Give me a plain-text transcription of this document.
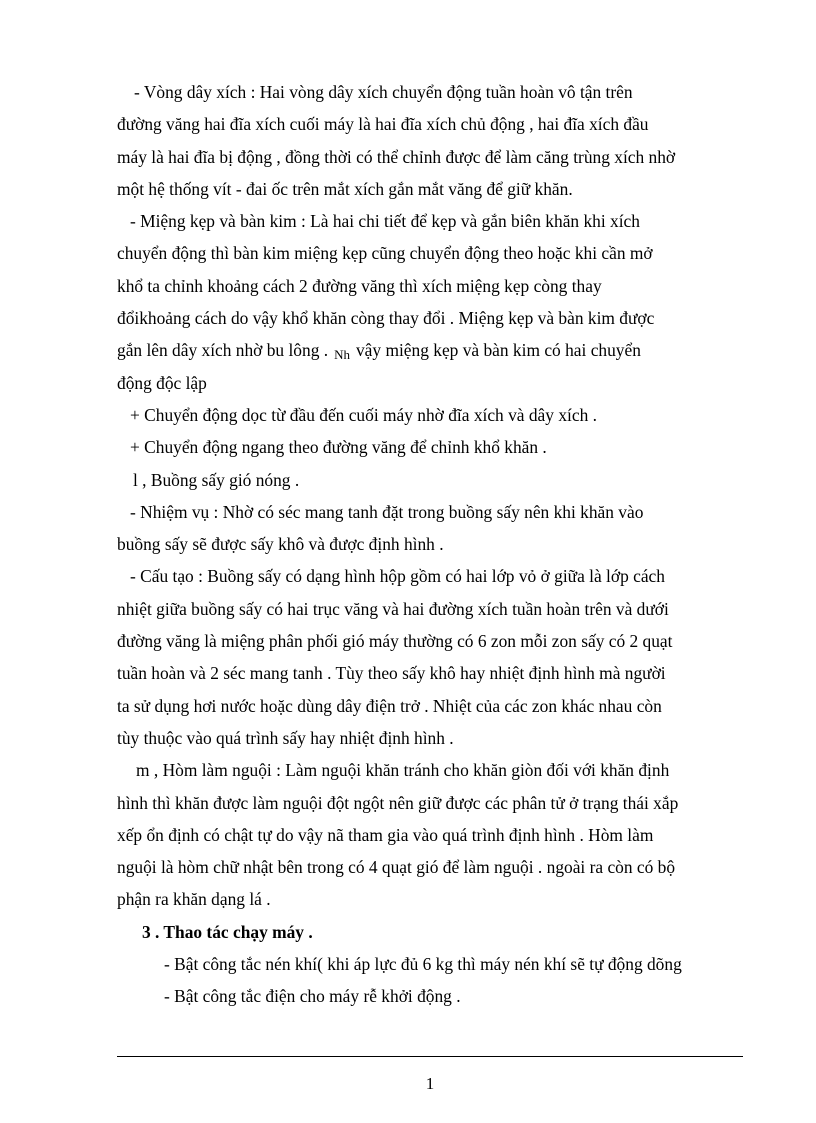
- Vòng dây xích : Hai vòng dây xích chuyển động tuần hoàn vô tận trên
đường văng hai đĩa xích cuối máy là hai đĩa xích chủ động , hai đĩa xích đầu
máy là hai đĩa bị động , đồng thời có thể chỉnh được để làm căng trùng xích nhờ
một hệ thống vít - đai ốc trên mắt xích gắn mắt văng để giữ khăn.
- Miệng kẹp và bàn kim : Là hai chi tiết để kẹp và gắn biên khăn khi xích
chuyển động thì bàn kim miệng kẹp cũng chuyển động theo hoặc khi cần mở
khổ ta chỉnh khoảng cách 2 đường văng thì xích miệng kẹp còng thay
đổikhoảng cách do vậy khổ khăn còng thay đổi . Miệng kẹp và bàn kim được
gắn lên dây xích nhờ bu lông . Nh vậy miệng kẹp và bàn kim có hai chuyển
động độc lập
+ Chuyển động dọc từ đầu đến cuối máy nhờ đĩa xích và dây xích .
+ Chuyển động ngang theo đường văng để chỉnh khổ khăn .
l , Buồng sấy gió nóng .
- Nhiệm vụ : Nhờ có séc mang tanh đặt trong buồng sấy nên khi khăn vào
buồng sấy sẽ được sấy khô và được định hình .
- Cấu tạo : Buồng sấy có dạng hình hộp gồm có hai lớp vỏ ở giữa là lớp cách
nhiệt giữa buồng sấy có hai trục văng và hai đường xích tuần hoàn trên và dưới
đường văng là miệng phân phối gió máy thường có 6 zon mỗi zon sấy có 2 quạt
tuần hoàn và 2 séc mang tanh . Tùy theo sấy khô hay nhiệt định hình mà người
ta sử dụng hơi nước hoặc dùng dây điện trở . Nhiệt của các zon khác nhau còn
tùy thuộc vào quá trình sấy hay nhiệt định hình .
m , Hòm làm nguội : Làm nguội khăn tránh cho khăn giòn đối với khăn định
hình thì khăn được làm nguội đột ngột nên giữ được các phân tử ở trạng thái xắp
xếp ổn định có chật tự do vậy nã tham gia vào quá trình định hình . Hòm làm
nguội là hòm chữ nhật bên trong có 4 quạt gió để làm nguội . ngoài ra còn có bộ
phận ra khăn dạng lá .
3 . Thao tác chạy máy .
- Bật công tắc nén khí( khi áp lực đủ 6 kg thì máy nén khí sẽ tự động dõng
- Bật công tắc điện cho máy rễ khởi động .
1
